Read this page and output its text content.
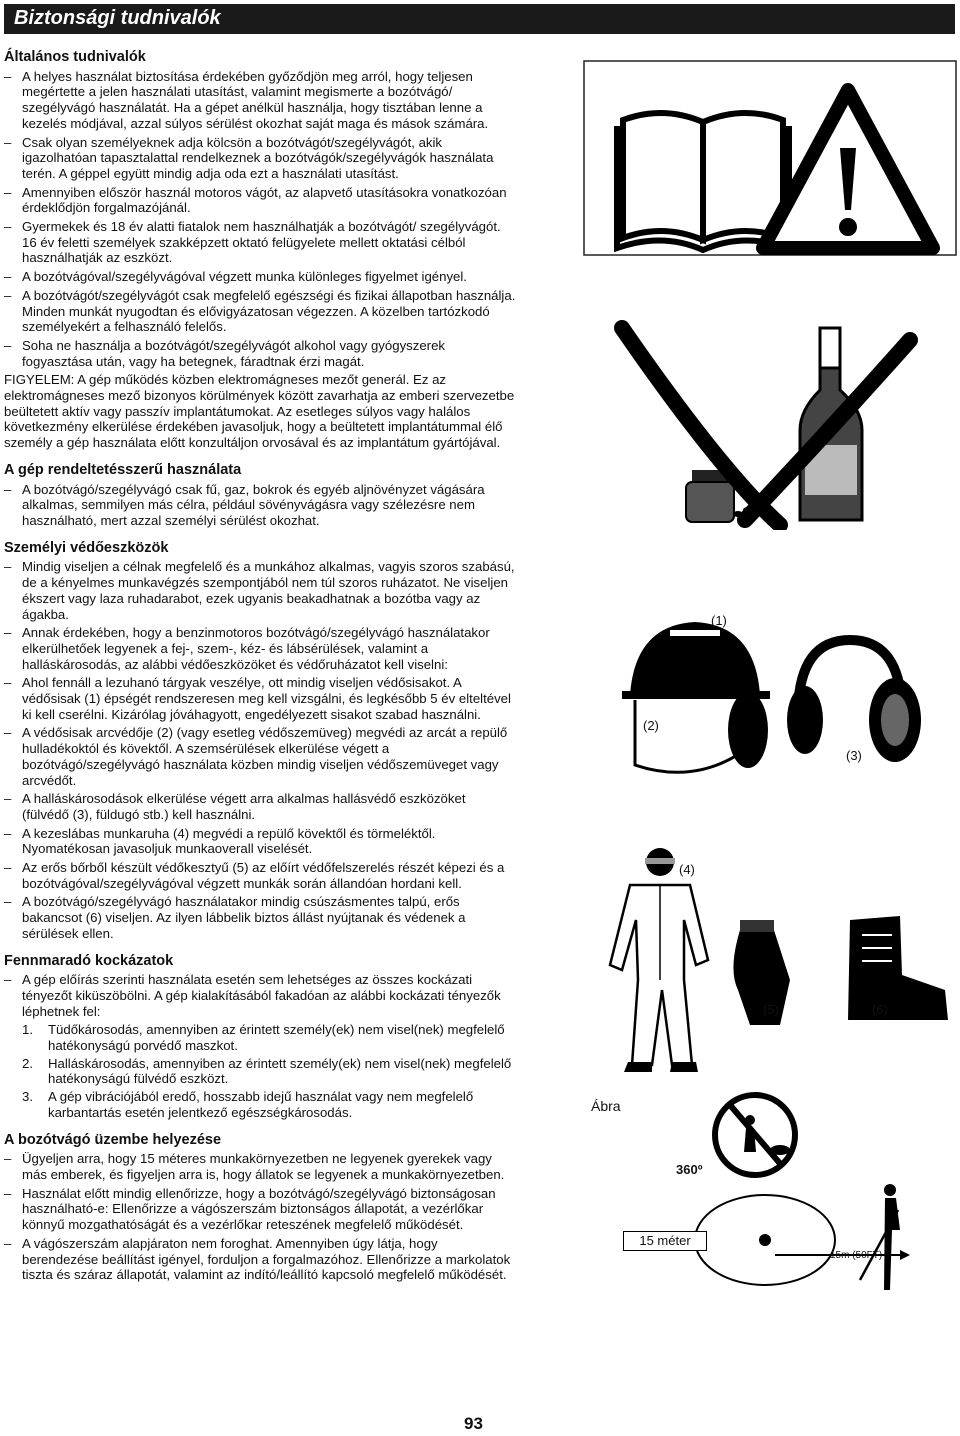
Biztonsági tudnivalók
Általános tudnivalók
– A helyes használat biztosítása érdekében győződjön meg arról, hogy teljesen megértette a jelen használati utasítást, valamint megismerte a bozótvágó/ szegélyvágó használatát. Ha a gépet anélkül használja, hogy tisztában lenne a kezelés módjával, azzal súlyos sérülést okozhat saját maga és mások számára.
– Csak olyan személyeknek adja kölcsön a bozótvágót/szegélyvágót, akik igazolhatóan tapasztalattal rendelkeznek a bozótvágók/szegélyvágók használata terén. A géppel együtt mindig adja oda ezt a használati utasítást.
– Amennyiben először használ motoros vágót, az alapvető utasításokra vonatkozóan érdeklődjön forgalmazójánál.
– Gyermekek és 18 év alatti fiatalok nem használhatják a bozótvágót/ szegélyvágót. 16 év feletti személyek szakképzett oktató felügyelete mellett oktatási célból használhatják az eszközt.
– A bozótvágóval/szegélyvágóval végzett munka különleges figyelmet igényel.
– A bozótvágót/szegélyvágót csak megfelelő egészségi és fizikai állapotban használja. Minden munkát nyugodtan és elővigyázatosan végezzen. A közelben tartózkodó személyekért a felhasználó felelős.
– Soha ne használja a bozótvágót/szegélyvágót alkohol vagy gyógyszerek fogyasztása után, vagy ha betegnek, fáradtnak érzi magát.

FIGYELEM: A gép működés közben elektromágneses mezőt generál. Ez az elektromágneses mező bizonyos körülmények között zavarhatja az emberi szervezetbe beültetett aktív vagy passzív implantátumokat. Az esetleges súlyos vagy halálos következmény elkerülése érdekében javasoljuk, hogy a beültetett implantátummal élő személy a gép használata előtt konzultáljon orvosával és az implantátum gyártójával.

A gép rendeltetésszerű használata
– A bozótvágó/szegélyvágó csak fű, gaz, bokrok és egyéb aljnövényzet vágására alkalmas, semmilyen más célra, például sövényvágásra vagy szélezésre nem használható, mert azzal személyi sérülést okozhat.
Személyi védőeszközök
– Mindig viseljen a célnak megfelelő és a munkához alkalmas, vagyis szoros szabású, de a kényelmes munkavégzés szempontjából nem túl szoros ruházatot. Ne viseljen ékszert vagy laza ruhadarabot, ezek ugyanis beakadhatnak a bozótba vagy az ágakba.
– Annak érdekében, hogy a benzinmotoros bozótvágó/szegélyvágó használatakor elkerülhetőek legyenek a fej-, szem-, kéz- és lábsérülések, valamint a halláskárosodás, az alábbi védőeszközöket és védőruházatot kell viselni:
– Ahol fennáll a lezuhanó tárgyak veszélye, ott mindig viseljen védősisakot. A védősisak (1) épségét rendszeresen meg kell vizsgálni, és legkésőbb 5 év elteltével ki kell cserélni. Kizárólag jóváhagyott, engedélyezett sisakot szabad használni.
– A védősisak arcvédője (2) (vagy esetleg védőszemüveg) megvédi az arcát a repülő hulladékoktól és kövektől. A szemsérülések elkerülése végett a bozótvágó/szegélyvágó használata közben mindig viseljen védőszemüveget vagy arcvédőt.
– A halláskárosodások elkerülése végett arra alkalmas hallásvédő eszközöket (fülvédő (3), füldugó stb.) kell használni.
– A kezeslábas munkaruha (4) megvédi a repülő kövektől és törmeléktől. Nyomatékosan javasoljuk munkaoverall viselését.
– Az erős bőrből készült védőkesztyű (5) az előírt védőfelszerelés részét képezi és a bozótvágóval/szegélyvágóval végzett munkák során állandóan hordani kell.
– A bozótvágó/szegélyvágó használatakor mindig csúszásmentes talpú, erős bakancsot (6) viseljen. Az ilyen lábbelik biztos állást nyújtanak és védenek a sérülések ellen.
Fennmaradó kockázatok
– A gép előírás szerinti használata esetén sem lehetséges az összes kockázati tényezőt kiküszöbölni. A gép kialakításából fakadóan az alábbi kockázati tényezők léphetnek fel:
1. Tüdőkárosodás, amennyiben az érintett személy(ek) nem visel(nek) megfelelő hatékonyságú porvédő maszkot.
2. Halláskárosodás, amennyiben az érintett személy(ek) nem visel(nek) megfelelő hatékonyságú fülvédő eszközt.
3. A gép vibrációjából eredő, hosszabb idejű használat vagy nem megfelelő karbantartás esetén jelentkező egészségkárosodás.
A bozótvágó üzembe helyezése
– Ügyeljen arra, hogy 15 méteres munkakörnyezetben ne legyenek gyerekek vagy más emberek, és figyeljen arra is, hogy állatok se legyenek a munkakörnyezetben.
– Használat előtt mindig ellenőrizze, hogy a bozótvágó/szegélyvágó biztonságosan használható-e: Ellenőrizze a vágószerszám biztonságos állapotát, a vezérlőkar könnyű mozgathatóságát és a vezérlőkar reteszének megfelelő működését.
– A vágószerszám alapjáraton nem foroghat. Amennyiben úgy látja, hogy berendezése beállítást igényel, forduljon a forgalmazóhoz. Ellenőrizze a markolatok tiszta és száraz állapotát, valamint az indító/leállító kapcsoló megfelelő működését.
(1)
(2)
(3)
(4)
(5)	(6)
Ábra
360º
15m (50FT)
15 méter
93
